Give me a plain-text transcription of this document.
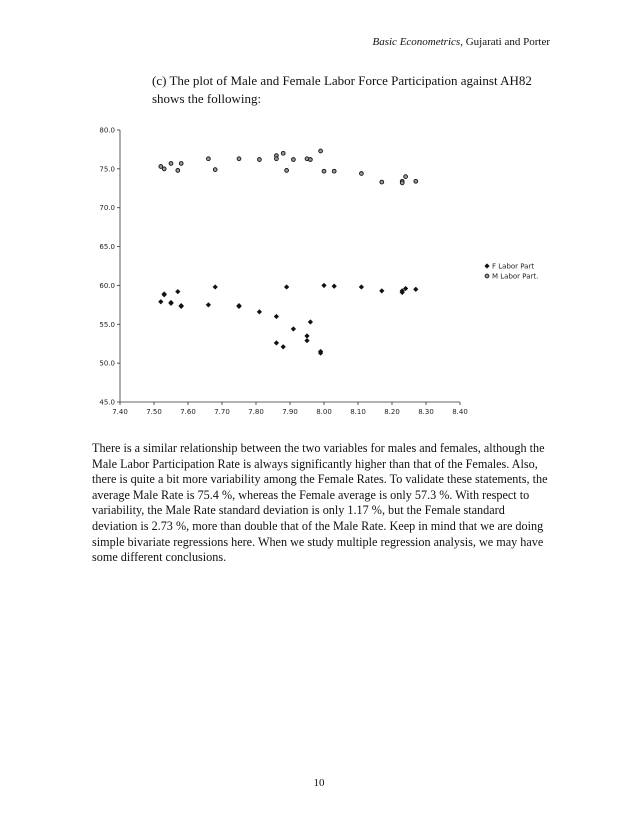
Basic Econometrics, Gujarati and Porter

(c) The plot of Male and Female Labor Force Participation against AH82 shows the following:

7.40	7.50	7.60	7.70	7.80	7.90	8.00	8.10	8.20	8.30	8.40
45.0
50.0
55.0
60.0
65.0
70.0
75.0
80.0
F Labor Part
M Labor Part.

There is a similar relationship between the two variables for males and females, although the Male Labor Participation Rate is always significantly higher than that of the Females. Also, there is quite a bit more variability among the Female Rates. To validate these statements, the average Male Rate is 75.4 %, whereas the Female average is only 57.3 %. With respect to variability, the Male Rate standard deviation is only 1.17 %, but the Female standard deviation is 2.73 %, more than double that of the Male Rate. Keep in mind that we are doing simple bivariate regressions here. When we study multiple regression analysis, we may have some different conclusions.

10
